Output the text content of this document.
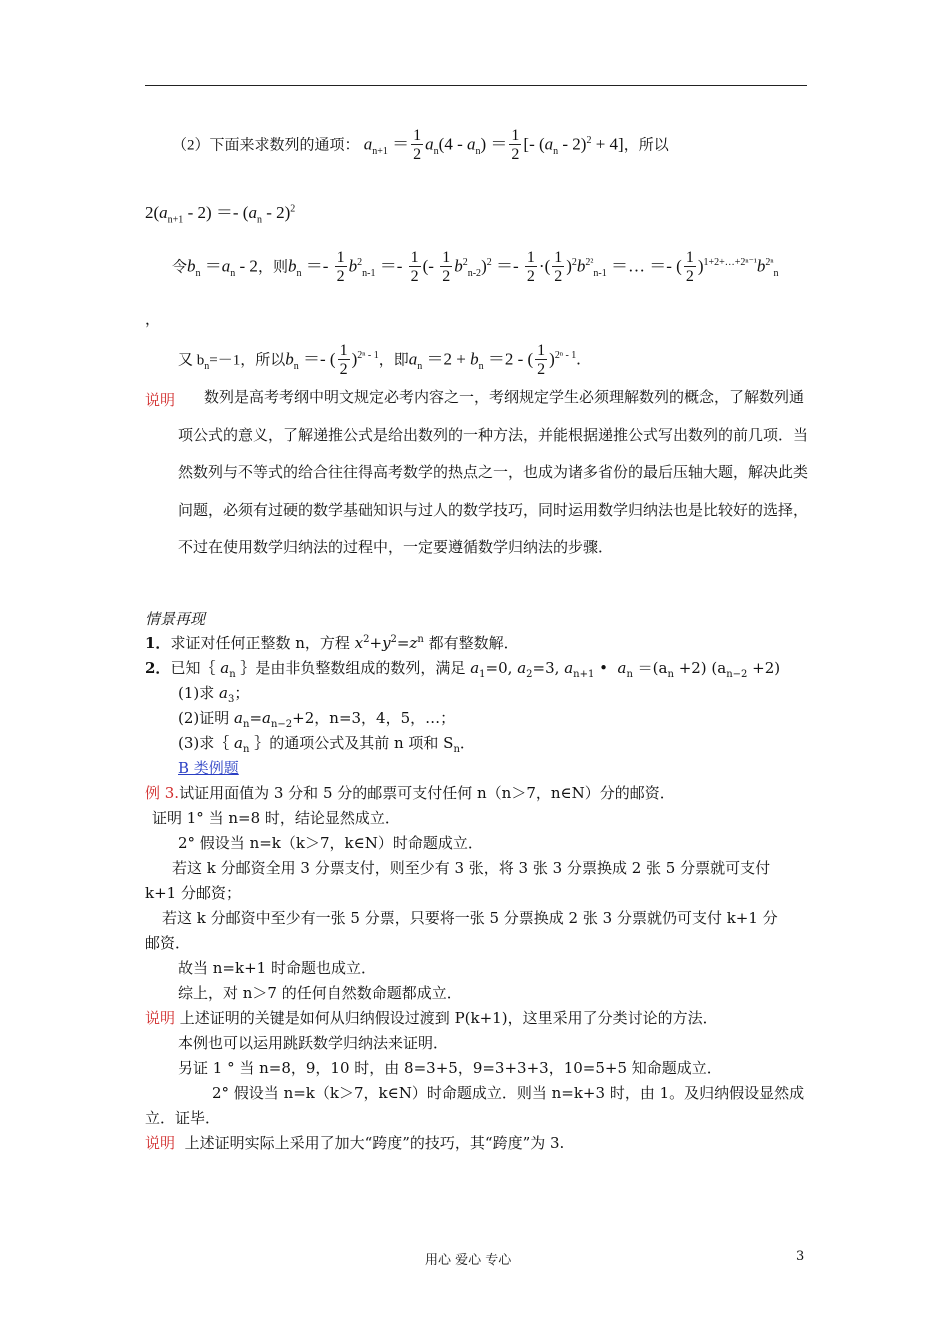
（2）下面来求数列的通项： $a_{n+1} = \frac{1}{2} a_n(4 - a_n) = \frac{1}{2}$ [- $(a_n - 2)^2 + 4$]，所以
$2(a_{n+1} - 2) =- (a_n - 2)^2$
令$b_n =a_n - 2$，则$b_n =- \frac{1}{2} b^2_{n-1} =- \frac{1}{2}$ (- $\frac{1}{2} b^2_{n-2})^2 =- \frac{1}{2}$ ·( $\frac{1}{2} )^2b^{2^2}_{n-1}$ ＝… ＝- ( $\frac{1}{2} )^{1+2+\dots+2^{n-1}}b^{2^n}_n$
，
又 $b_n=-1$，所以$b_n$ ＝- ( $\frac{1}{2} )^{2^n - 1}$，即$a_n =2 + b_n =2$ - ( $\frac{1}{2} )^{2^n - 1}$.
说明	数列是高考考纲中明文规定必考内容之一，考纲规定学生必须理解数列的概念，了解数列通项公式的意义，了解递推公式是给出数列的一种方法，并能根据递推公式写出数列的前几项．当然数列与不等式的给合往往得高考数学的热点之一，也成为诸多省份的最后压轴大题，解决此类问题，必须有过硬的数学基础知识与过人的数学技巧，同时运用数学归纳法也是比较好的选择，不过在使用数学归纳法的过程中，一定要遵循数学归纳法的步骤．
情景再现
1．求证对任何正整数 n，方程 $x^2+y^2=z^n$ 都有整数解．
2．已知｛ $a_n$ ｝是由非负整数组成的数列，满足 $a_1=0$, $a_2=3$, $a_{n+1}$ •  $a_n =(a_n +2)$ $(a_{n-2} +2)$
(1)求 $a_3$；
(2)证明 $a_n=a_{n-2}+2$，n=3，4，5，…；
(3)求｛ $a_n$ ｝的通项公式及其前 n 项和 $S_n$．
B 类例题
例 3.试证用面值为 3 分和 5 分的邮票可支付任何 n（n＞7，n∈N）分的邮资．
证明 1° 当 n=8 时，结论显然成立．
2° 假设当 n=k（k＞7，k∈N）时命题成立．
若这 k 分邮资全用 3 分票支付，则至少有 3 张，将 3 张 3 分票换成 2 张 5 分票就可支付
k+1 分邮资；
若这 k 分邮资中至少有一张 5 分票，只要将一张 5 分票换成 2 张 3 分票就仍可支付 k+1 分
邮资．
故当 n=k+1 时命题也成立．
综上，对 n＞7 的任何自然数命题都成立．
说明 上述证明的关键是如何从归纳假设过渡到 P(k+1)，这里采用了分类讨论的方法．
本例也可以运用跳跃数学归纳法来证明．
另证 1 ° 当 n=8，9，10 时，由 8=3+5，9=3+3+3，10=5+5 知命题成立．
2° 假设当 n=k（k＞7，k∈N）时命题成立．则当 n=k+3 时，由 1。及归纳假设显然成
立．证毕．
说明 上述证明实际上采用了加大“跨度”的技巧，其“跨度”为 3.
用心 爱心 专心	3
